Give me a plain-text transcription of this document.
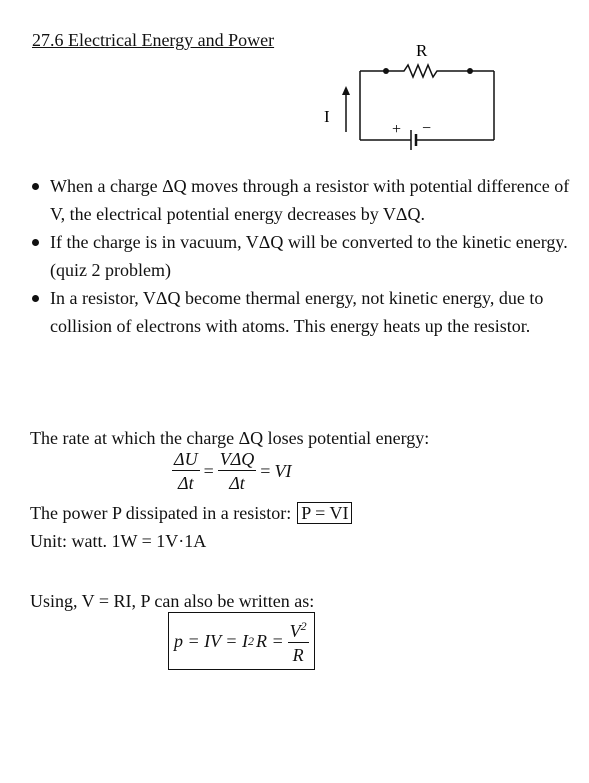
27.6 Electrical Energy and Power
+ −
R
I
When a charge ΔQ moves through a resistor with potential difference of V, the electrical potential energy decreases by VΔQ.
If the charge is in vacuum, VΔQ will be converted to the kinetic energy. (quiz 2 problem)
In a resistor, VΔQ become thermal energy, not kinetic energy, due to collision of electrons with atoms. This energy heats up the resistor.
The rate at which the charge ΔQ loses potential energy:
$\frac{\Delta U}{\Delta t} = \frac{\text{VΔQ}}{\Delta t}$ = VI
The power P dissipated in a resistor: P = VI
Unit: watt. 1W = 1V·1A
Using, V = RI, P can also be written as:
p = IV = I 2 $R = \frac{V^2}{R}$
